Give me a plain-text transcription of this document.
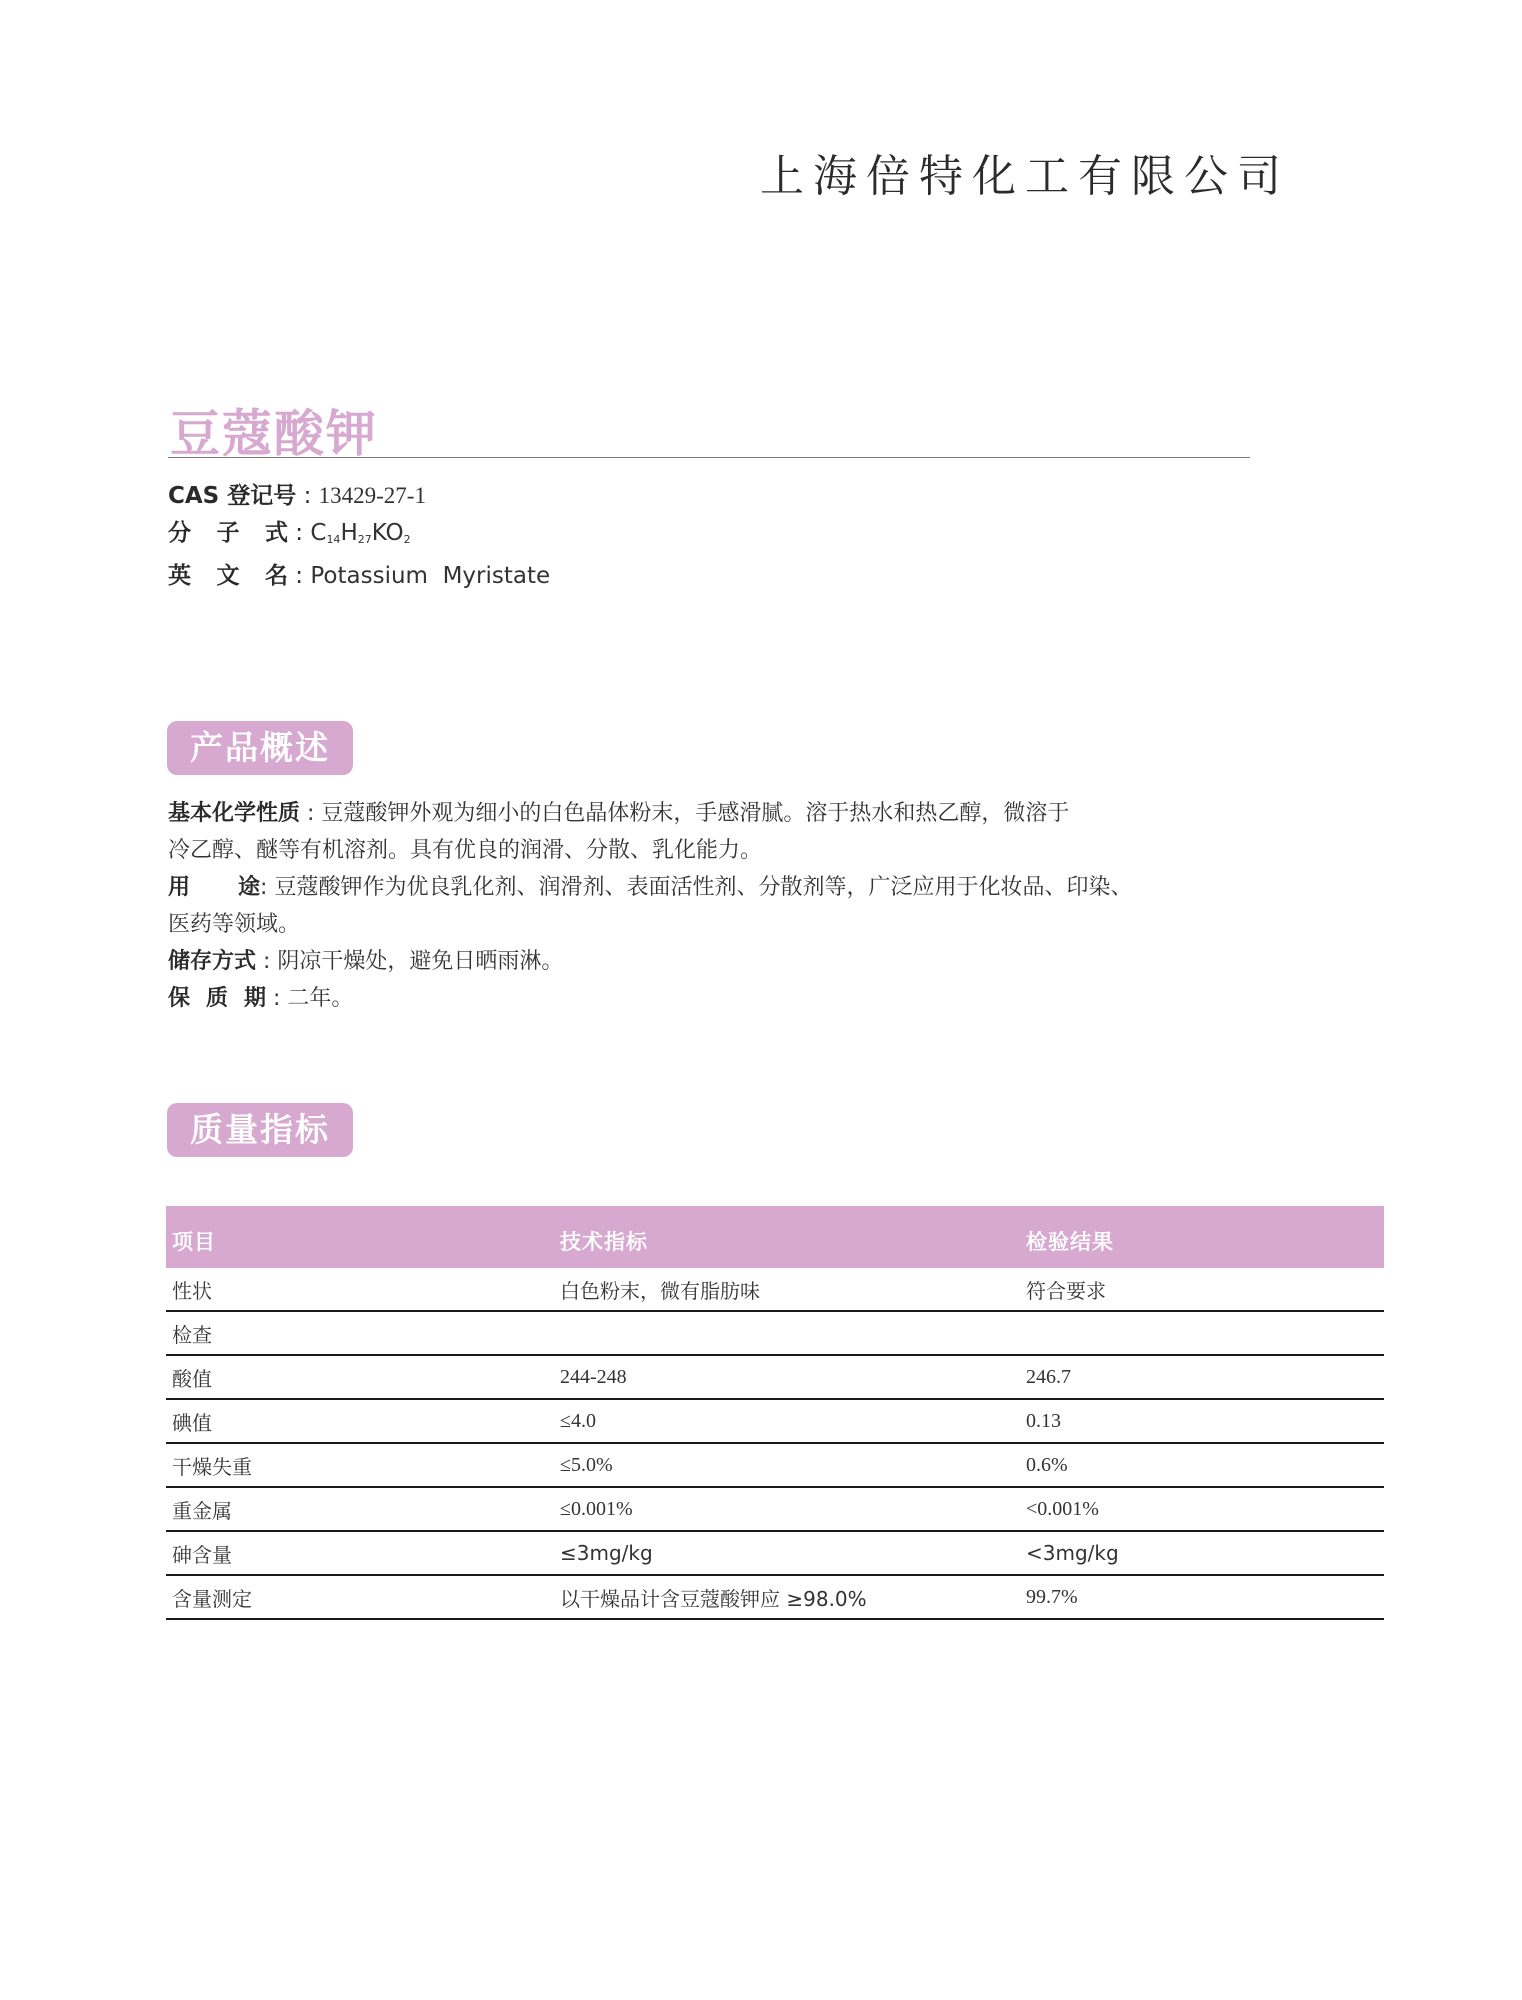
上海倍特化工有限公司
豆蔻酸钾
CAS 登记号 : 13429-27-1
分 子 式 : $C_{14}H_{27}KO_2$
英 文 名 : Potassium  Myristate
产品概述

基本化学性质 : 豆蔻酸钾外观为细小的白色晶体粉末，手感滑腻。溶于热水和热乙醇，微溶于

冷乙醇、醚等有机溶剂。具有优良的润滑、分散、乳化能力。

用 途: 豆蔻酸钾作为优良乳化剂、润滑剂、表面活性剂、分散剂等，广泛应用于化妆品、印染、

医药等领域。

储存方式 : 阴凉干燥处，避免日晒雨淋。

保 质 期 : 二年。

质量指标
项目	技术指标	检验结果
性状	白色粉末，微有脂肪味	符合要求
检查		
酸值	244-248	246.7
碘值	≤4.0	0.13
干燥失重	≤5.0%	0.6%
重金属	≤0.001%	<0.001%
砷含量	≤3mg/kg	<3mg/kg
含量测定	以干燥品计含豆蔻酸钾应 ≥98.0%	99.7%
